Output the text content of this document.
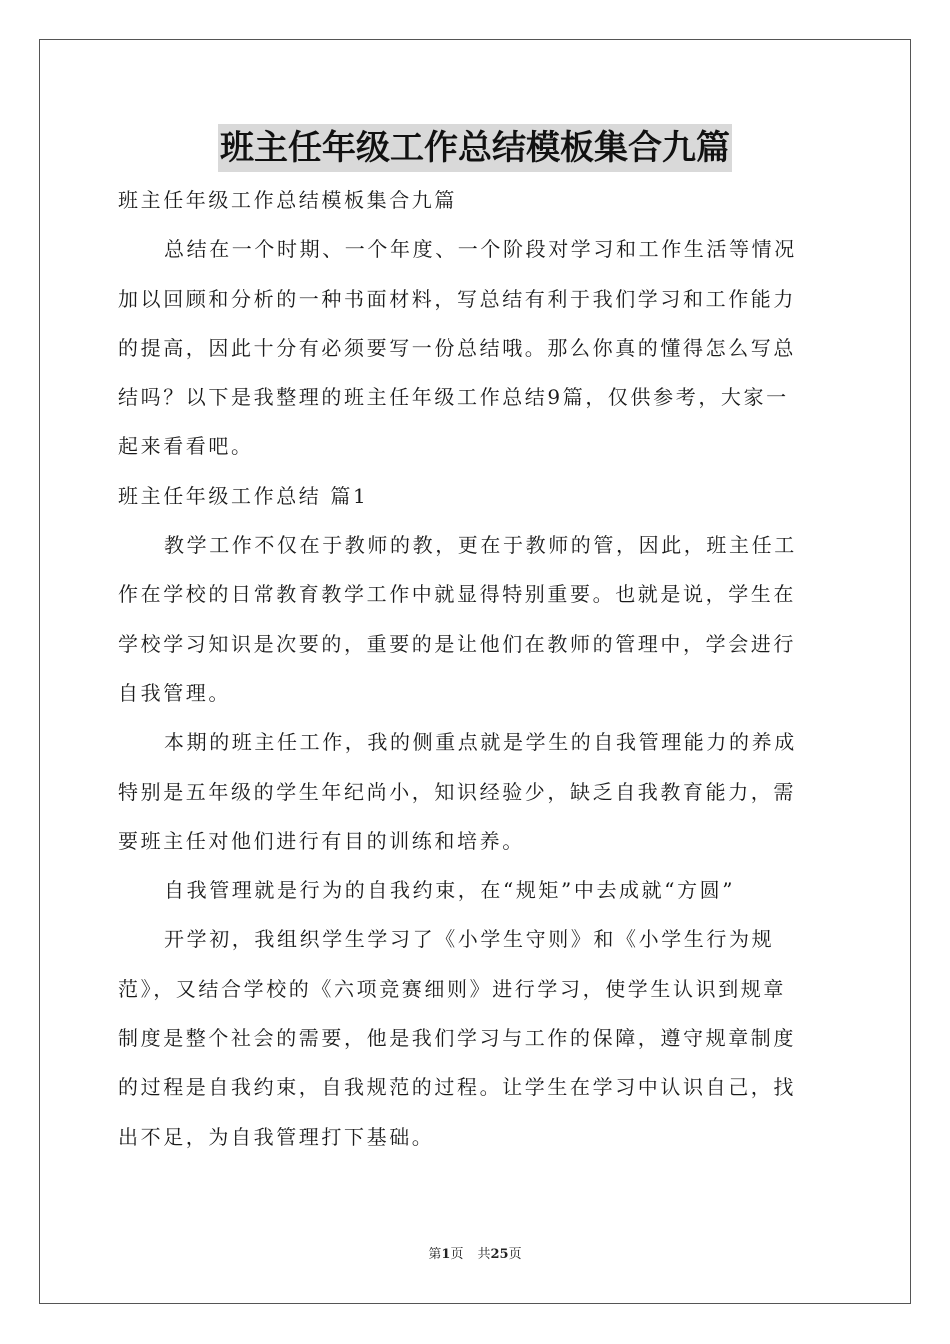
班主任年级工作总结模板集合九篇

班主任年级工作总结模板集合九篇

总结在一个时期、一个年度、一个阶段对学习和工作生活等情况

加以回顾和分析的一种书面材料，写总结有利于我们学习和工作能力

的提高，因此十分有必须要写一份总结哦。那么你真的懂得怎么写总

结吗？以下是我整理的班主任年级工作总结9篇，仅供参考，大家一

起来看看吧。

班主任年级工作总结 篇1

教学工作不仅在于教师的教，更在于教师的管，因此，班主任工

作在学校的日常教育教学工作中就显得特别重要。也就是说，学生在

学校学习知识是次要的，重要的是让他们在教师的管理中，学会进行

自我管理。

本期的班主任工作，我的侧重点就是学生的自我管理能力的养成

特别是五年级的学生年纪尚小，知识经验少，缺乏自我教育能力，需

要班主任对他们进行有目的训练和培养。

自我管理就是行为的自我约束，在“规矩”中去成就“方圆”

开学初，我组织学生学习了《小学生守则》和《小学生行为规

范》，又结合学校的《六项竞赛细则》进行学习，使学生认识到规章

制度是整个社会的需要，他是我们学习与工作的保障，遵守规章制度

的过程是自我约束，自我规范的过程。让学生在学习中认识自己，找

出不足，为自我管理打下基础。

第1页 共25页
